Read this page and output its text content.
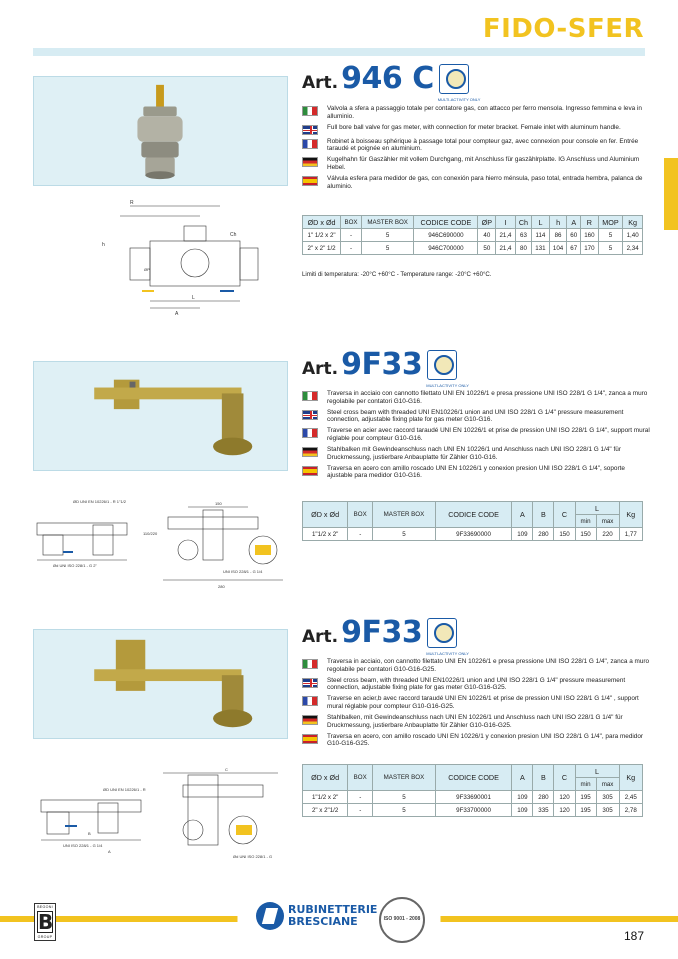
FIDO-SFER
Art. 946 C
MULTI-ACTIVITY ONLY
Valvola a sfera a passaggio totale per contatore gas, con attacco per ferro mensola. Ingresso femmina e leva in alluminio.
Full bore ball valve for gas meter, with connection for meter bracket. Female inlet with aluminum handle.
Robinet à boisseau sphérique à passage total pour compteur gaz, avec connexion pour console en fer. Entrée taraudé et poignée en aluminium.
Kugelhahn für Gaszähler mit vollem Durchgang, mit Anschluss für gaszählrplatte. IG Anschluss und Aluminium Hebel.
Válvula esfera para medidor de gas, con conexión para hierro ménsula, paso total, entrada hembra, palanca de aluminio.
R
Ch
h
L
A
ØP
ØD x Ød	BOX	MASTER BOX	CODICE CODE	ØP	I	Ch	L	h	A	R	MOP	Kg
1" 1/2 x 2"	-	5	946C690000	40	21,4	63	114	86	60	160	5	1,40
2" x 2" 1/2	-	5	946C700000	50	21,4	80	131	104	67	170	5	2,34
Limiti di temperatura: -20°C +60°C - Temperature range: -20°C +60°C.
Art. 9F33
MULTI-ACTIVITY ONLY
Traversa in acciaio con cannotto filettato UNI EN 10226/1 e presa pressione UNI ISO 228/1 G 1/4", zanca a muro regolabile per contatori G10-G16.
Steel cross beam with threaded UNI EN10226/1 union and UNI ISO 228/1 G 1/4" pressure measurement connection, adjustable fixing plate for gas meter G10-G16.
Traverse en acier avec raccord taraudé UNI EN 10226/1 et prise de pression UNI ISO 228/1 G 1/4", support mural réglable pour compteur G10-G16.
Stahlbalken mit Gewindeanschluss nach UNI EN 10226/1 und Anschluss nach UNI ISO 228/1 G 1/4" für Druckmessung, justierbare Anbauplatte für Zähler G10-G16.
Traversa en acero con amillo roscado UNI EN 10226/1 y conexion presion UNI ISO 228/1 G 1/4", soporte ajustable para medidor G10-G16.
ØD UNI EN 10226/1 - R 1"1/2
Ød UNI ISO 228/1 - G 2"
150
280
110/220
UNI ISO 228/1 - G 1/4
ØD x Ød	BOX	MASTER BOX	CODICE CODE	A	B	C	L		Kg
							min	max	
1"1/2 x 2"	-	5	9F33690000	109	280	150	150	220	1,77
Art. 9F33
MULTI-ACTIVITY ONLY
Traversa in acciaio, con cannotto filettato UNI EN 10226/1 e presa pressione UNI ISO 228/1 G 1/4", zanca a muro regolabile per contatori G10-G16-G25.
Steel cross beam, with threaded UNI EN10226/1 union and UNI ISO 228/1 G 1/4" pressure measurement connection, adjustable fixing plate for gas meter G10-G16-G25.
Traverse en acier,b avec raccord taraudé UNI EN 10226/1 et prise de pression UNI ISO 228/1 G 1/4" , support mural réglable pour compteur G10-G16-G25.
Stahlbalken, mit Gewindeanschluss nach UNI EN 10226/1 und Anschluss nach UNI ISO 228/1 G 1/4" für Druckmessung, justierbare Anbauplatte für Zähler G10-G16-G25.
Traversa en acero, con amillo roscado UNI EN 10226/1 y conexion presion UNI ISO 228/1 G 1/4", para medidor G10-G16-G25.
ØD UNI EN 10226/1 - R
UNI ISO 228/1 - G 1/4
Ød UNI ISO 228/1 - G
C
B
A
ØD x Ød	BOX	MASTER BOX	CODICE CODE	A	B	C	L		Kg
							min	max	
1"1/2 x 2"	-	5	9F33690001	109	280	120	195	305	2,45
2" x 2"1/2	-	5	9F33700000	109	335	120	195	305	2,78
BEGONI
B
GROUP
RUBINETTERIE
BRESCIANE	ISO 9001 - 2008
187
